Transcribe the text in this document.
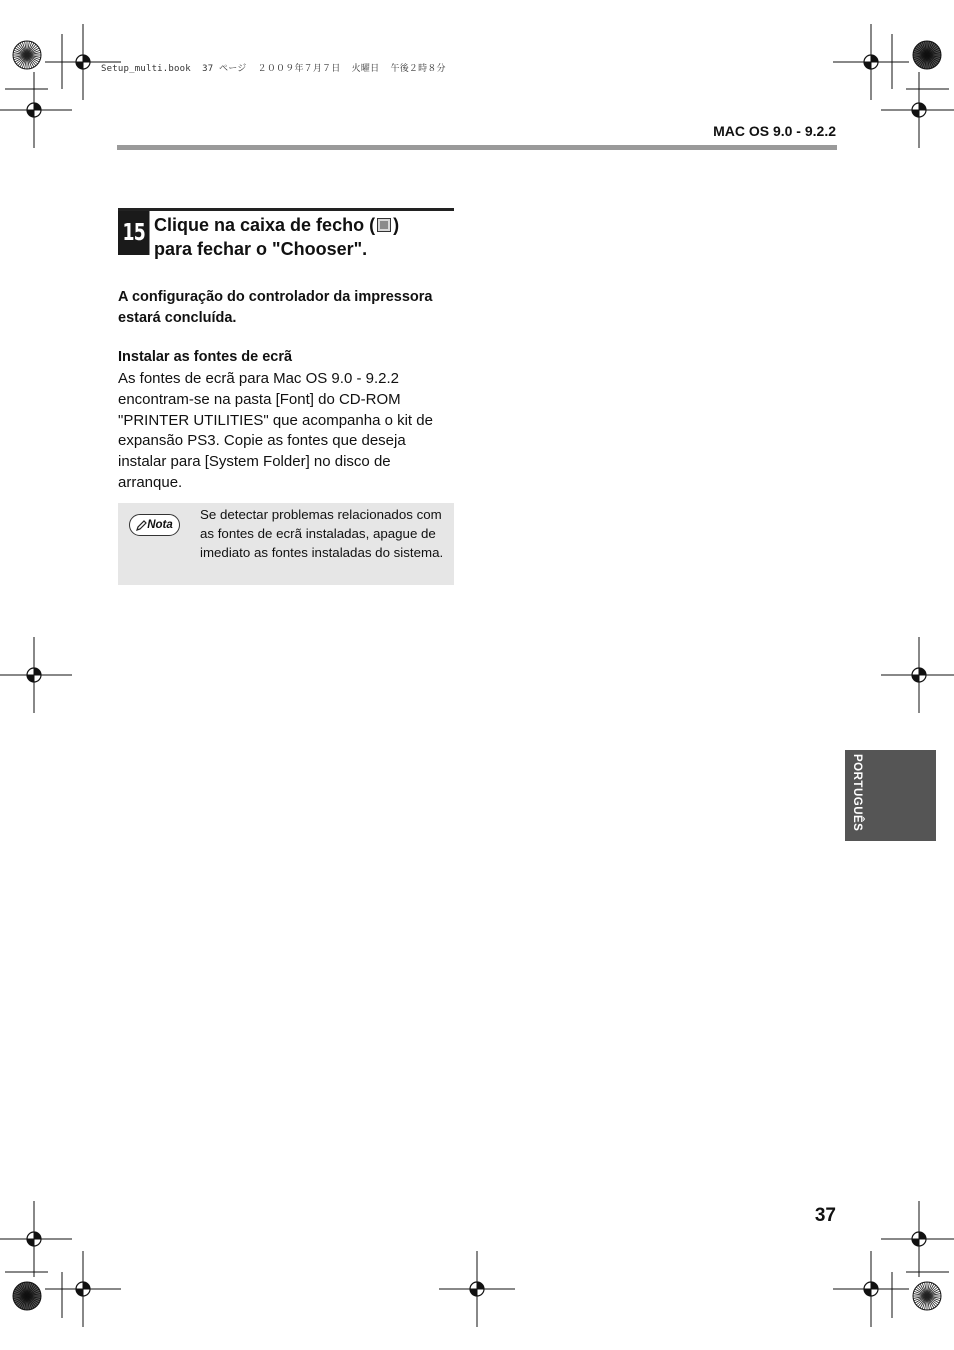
Setup_multi.book  37 ページ  ２００９年７月７日  火曜日  午後２時８分
MAC OS 9.0 - 9.2.2
15 Clique na caixa de fecho ( )
para fechar o "Chooser".
A configuração do controlador da impressora estará concluída.
Instalar as fontes de ecrã
As fontes de ecrã para Mac OS 9.0 - 9.2.2 encontram-se na pasta [Font] do CD-ROM "PRINTER UTILITIES" que acompanha o kit de expansão PS3. Copie as fontes que deseja instalar para [System Folder] no disco de arranque.
Nota
Se detectar problemas relacionados com as fontes de ecrã instaladas, apague de imediato as fontes instaladas do sistema.
PORTUGUÊS
37
